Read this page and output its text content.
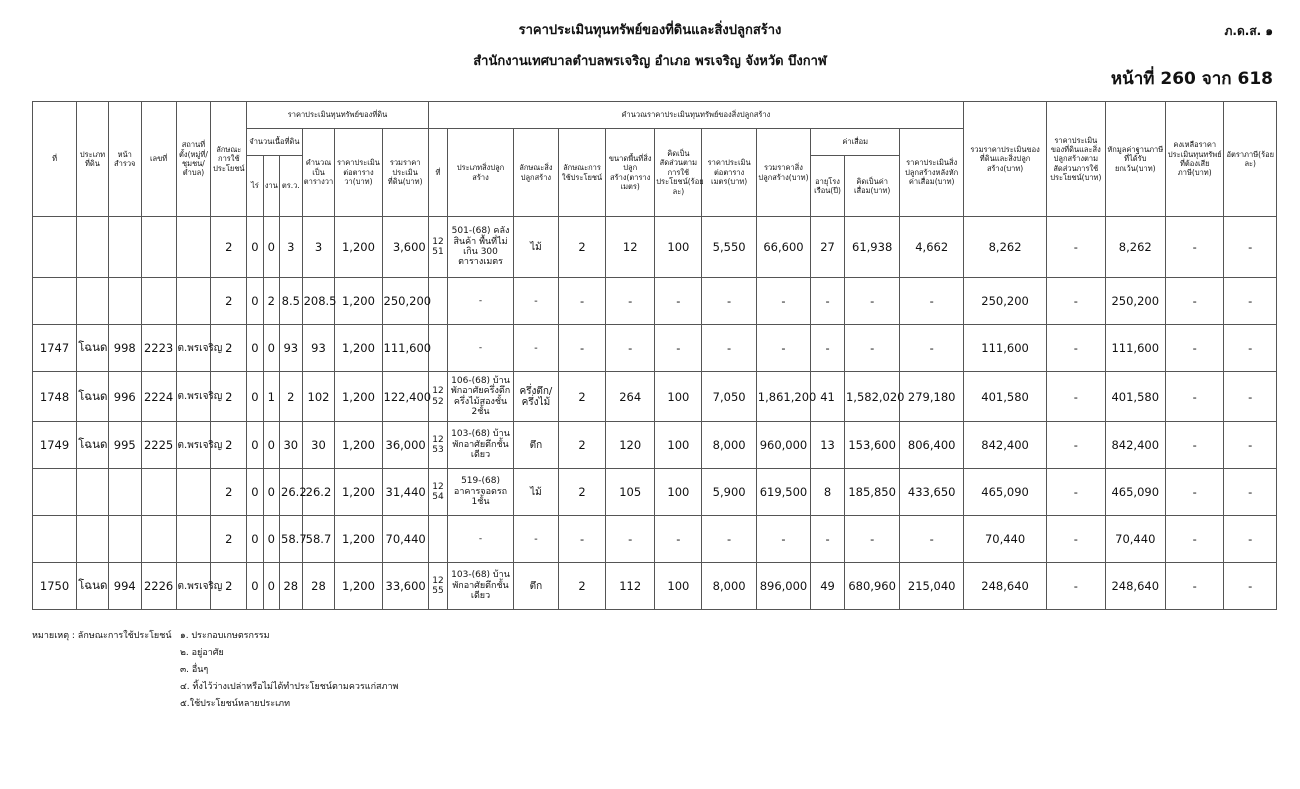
ราคาประเมินทุนทรัพย์ของที่ดินและสิ่งปลูกสร้าง
สำนักงานเทศบาลตำบลพรเจริญ อำเภอ พรเจริญ จังหวัด บึงกาฬ
ภ.ด.ส. ๑
หน้าที่ 260 จาก 618
ที่	ประเภทที่ดิน	หน้าสำรวจ	เลขที่	สถานที่ตั้ง(หมู่ที่/ชุมชน/ตำบล)	ลักษณะการใช้ประโยชน์	ราคาประเมินทุนทรัพย์ของที่ดิน						คำนวณราคาประเมินทุนทรัพย์ของสิ่งปลูกสร้าง											รวมราคาประเมินของที่ดินและสิ่งปลูกสร้าง(บาท)	ราคาประเมินของที่ดินและสิ่งปลูกสร้างตามสัดส่วนการใช้ประโยชน์(บาท)	หักมูลค่าฐานภาษีที่ได้รับยกเว้น(บาท)	คงเหลือราคาประเมินทุนทรัพย์ที่ต้องเสียภาษี(บาท)	อัตราภาษี(ร้อยละ)
						จำนวนเนื้อที่ดิน			คำนวณเป็นตารางวา	ราคาประเมินต่อตารางวา(บาท)	รวมราคาประเมินที่ดิน(บาท)	ที่	ประเภทสิ่งปลูกสร้าง	ลักษณะสิ่งปลูกสร้าง	ลักษณะการใช้ประโยชน์	ขนาดพื้นที่สิ่งปลูกสร้าง(ตารางเมตร)	คิดเป็นสัดส่วนตามการใช้ประโยชน์(ร้อยละ)	ราคาประเมินต่อตารางเมตร(บาท)	รวมราคาสิ่งปลูกสร้าง(บาท)	ค่าเสื่อม		ราคาประเมินสิ่งปลูกสร้างหลังหักค่าเสื่อม(บาท)					
						ไร่	งาน	ตร.ว.												อายุโรงเรือน(ปี)	คิดเป็นค่าเสื่อม(บาท)						
					2	0	0	3	3	1,200	3,600	12 51	501-(68) คลังสินค้า พื้นที่ไม่เกิน 300 ตารางเมตร	ไม้	2	12	100	5,550	66,600	27	61,938	4,662	8,262	-	8,262	-	-
					2	0	2	8.5	208.5	1,200	250,200		-	-	-	-	-	-	-	-	-	-	250,200	-	250,200	-	-
1747	โฉนด	998	2223	ต.พรเจริญ	2	0	0	93	93	1,200	111,600		-	-	-	-	-	-	-	-	-	-	111,600	-	111,600	-	-
1748	โฉนด	996	2224	ต.พรเจริญ	2	0	1	2	102	1,200	122,400	12 52	106-(68) บ้านพักอาศัยครึ่งตึกครึ่งไม้สองชั้น 2ชั้น	ครึ่งตึก/ครึ่งไม้	2	264	100	7,050	1,861,200	41	1,582,020	279,180	401,580	-	401,580	-	-
1749	โฉนด	995	2225	ต.พรเจริญ	2	0	0	30	30	1,200	36,000	12 53	103-(68) บ้านพักอาศัยตึกชั้นเดียว	ตึก	2	120	100	8,000	960,000	13	153,600	806,400	842,400	-	842,400	-	-
					2	0	0	26.2	26.2	1,200	31,440	12 54	519-(68) อาคารจอดรถ 1ชั้น	ไม้	2	105	100	5,900	619,500	8	185,850	433,650	465,090	-	465,090	-	-
					2	0	0	58.7	58.7	1,200	70,440		-	-	-	-	-	-	-	-	-	-	70,440	-	70,440	-	-
1750	โฉนด	994	2226	ต.พรเจริญ	2	0	0	28	28	1,200	33,600	12 55	103-(68) บ้านพักอาศัยตึกชั้นเดียว	ตึก	2	112	100	8,000	896,000	49	680,960	215,040	248,640	-	248,640	-	-
หมายเหตุ : ลักษณะการใช้ประโยชน์ ๑. ประกอบเกษตรกรรม
๒. อยู่อาศัย
๓. อื่นๆ
๔. ทิ้งไว้ว่างเปล่าหรือไม่ได้ทำประโยชน์ตามควรแก่สภาพ
๕.ใช้ประโยชน์หลายประเภท
